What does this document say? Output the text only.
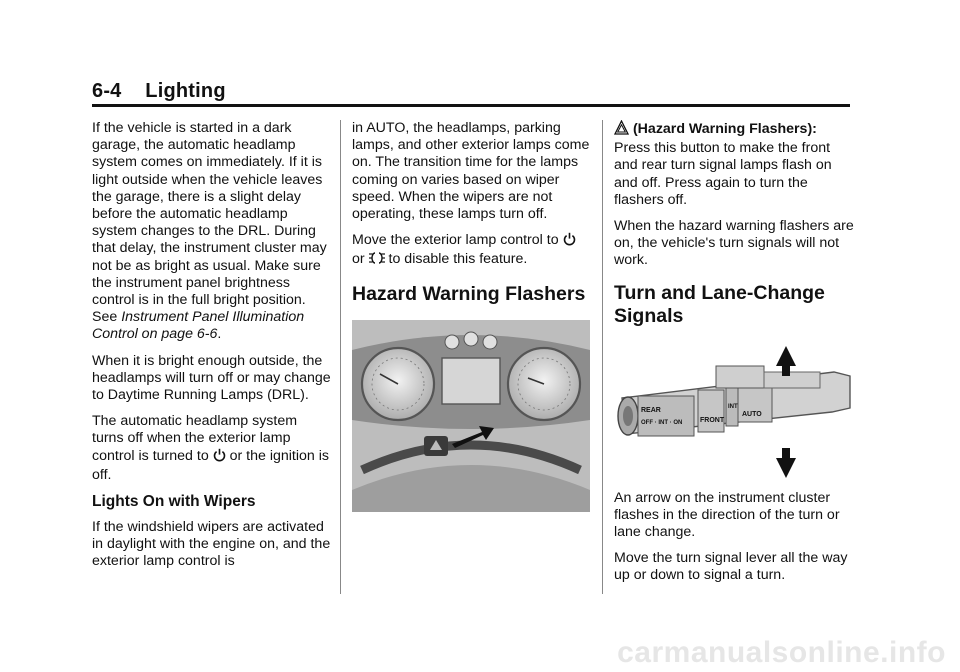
6-4 Lighting

If the vehicle is started in a dark garage, the automatic headlamp system comes on immediately. If it is light outside when the vehicle leaves the garage, there is a slight delay before the automatic headlamp system changes to the DRL. During that delay, the instrument cluster may not be as bright as usual. Make sure the instrument panel brightness control is in the full bright position. See Instrument Panel Illumination Control on page 6-6.

When it is bright enough outside, the headlamps will turn off or may change to Daytime Running Lamps (DRL).

The automatic headlamp system turns off when the exterior lamp control is turned to or the ignition is off.

Lights On with Wipers

If the windshield wipers are activated in daylight with the engine on, and the exterior lamp control is

in AUTO, the headlamps, parking lamps, and other exterior lamps come on. The transition time for the lamps coming on varies based on wiper speed. When the wipers are not operating, these lamps turn off.

Move the exterior lamp control to
or to disable this feature.

Hazard Warning Flashers

(Hazard Warning Flashers): Press this button to make the front and rear turn signal lamps flash on and off. Press again to turn the flashers off.

When the hazard warning flashers are on, the vehicle's turn signals will not work.

Turn and Lane-Change Signals
REAR
OFF · INT · ON	FRONT
INT
AUTO

An arrow on the instrument cluster flashes in the direction of the turn or lane change.

Move the turn signal lever all the way up or down to signal a turn.

carmanualsonline.info
